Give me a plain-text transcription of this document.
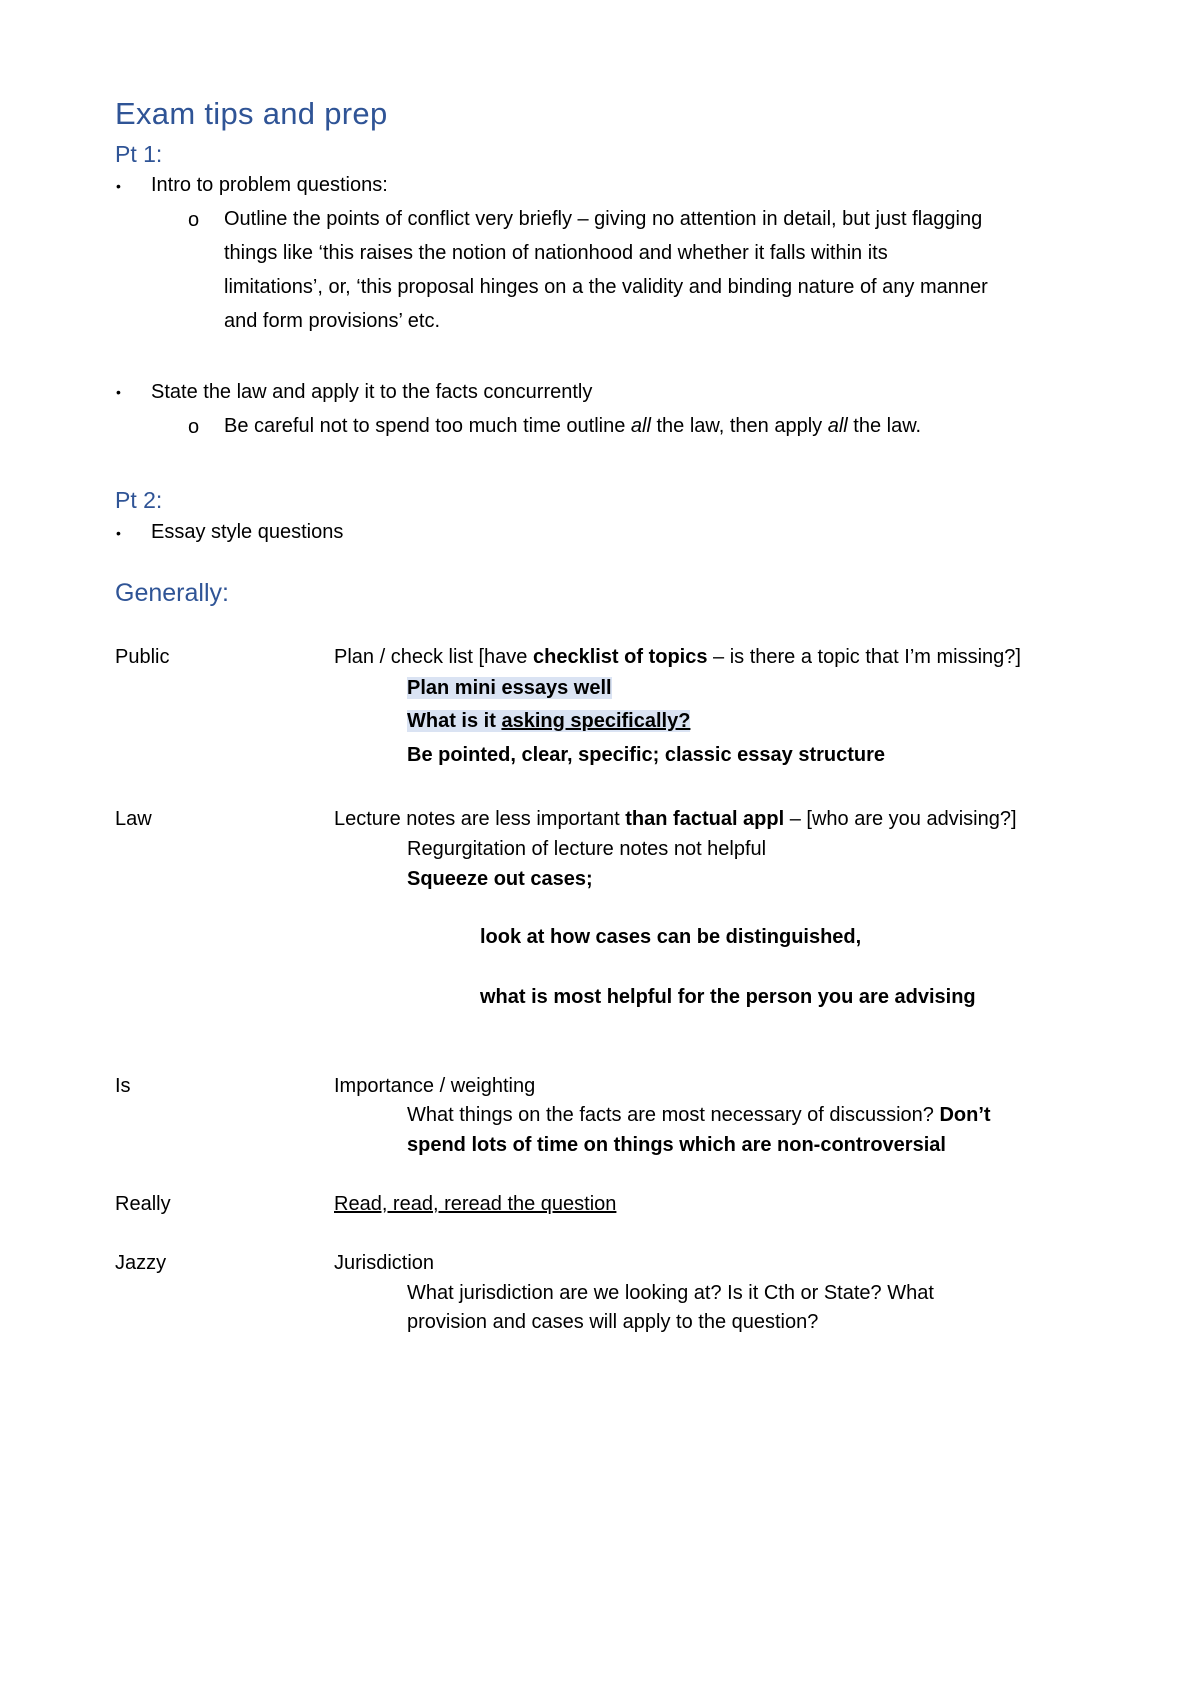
Exam tips and prep
Pt 1:
• Intro to problem questions:
o Outline the points of conflict very briefly – giving no attention in detail, but just flagging
things like ‘this raises the notion of nationhood and whether it falls within its
limitations’, or, ‘this proposal hinges on a the validity and binding nature of any manner
and form provisions’ etc.
• State the law and apply it to the facts concurrently
o Be careful not to spend too much time outline all the law, then apply all the law.
Pt 2:
• Essay style questions
Generally:
Public	Plan / check list [have checklist of topics – is there a topic that I’m missing?]
Plan mini essays well
What is it asking specifically?
Be pointed, clear, specific; classic essay structure
Law	Lecture notes are less important than factual appl – [who are you advising?]
Regurgitation of lecture notes not helpful
Squeeze out cases;
look at how cases can be distinguished,
what is most helpful for the person you are advising
Is	Importance / weighting
What things on the facts are most necessary of discussion? Don’t
spend lots of time on things which are non-controversial
Really	Read, read, reread the question
Jazzy	Jurisdiction
What jurisdiction are we looking at? Is it Cth or State? What
provision and cases will apply to the question?
